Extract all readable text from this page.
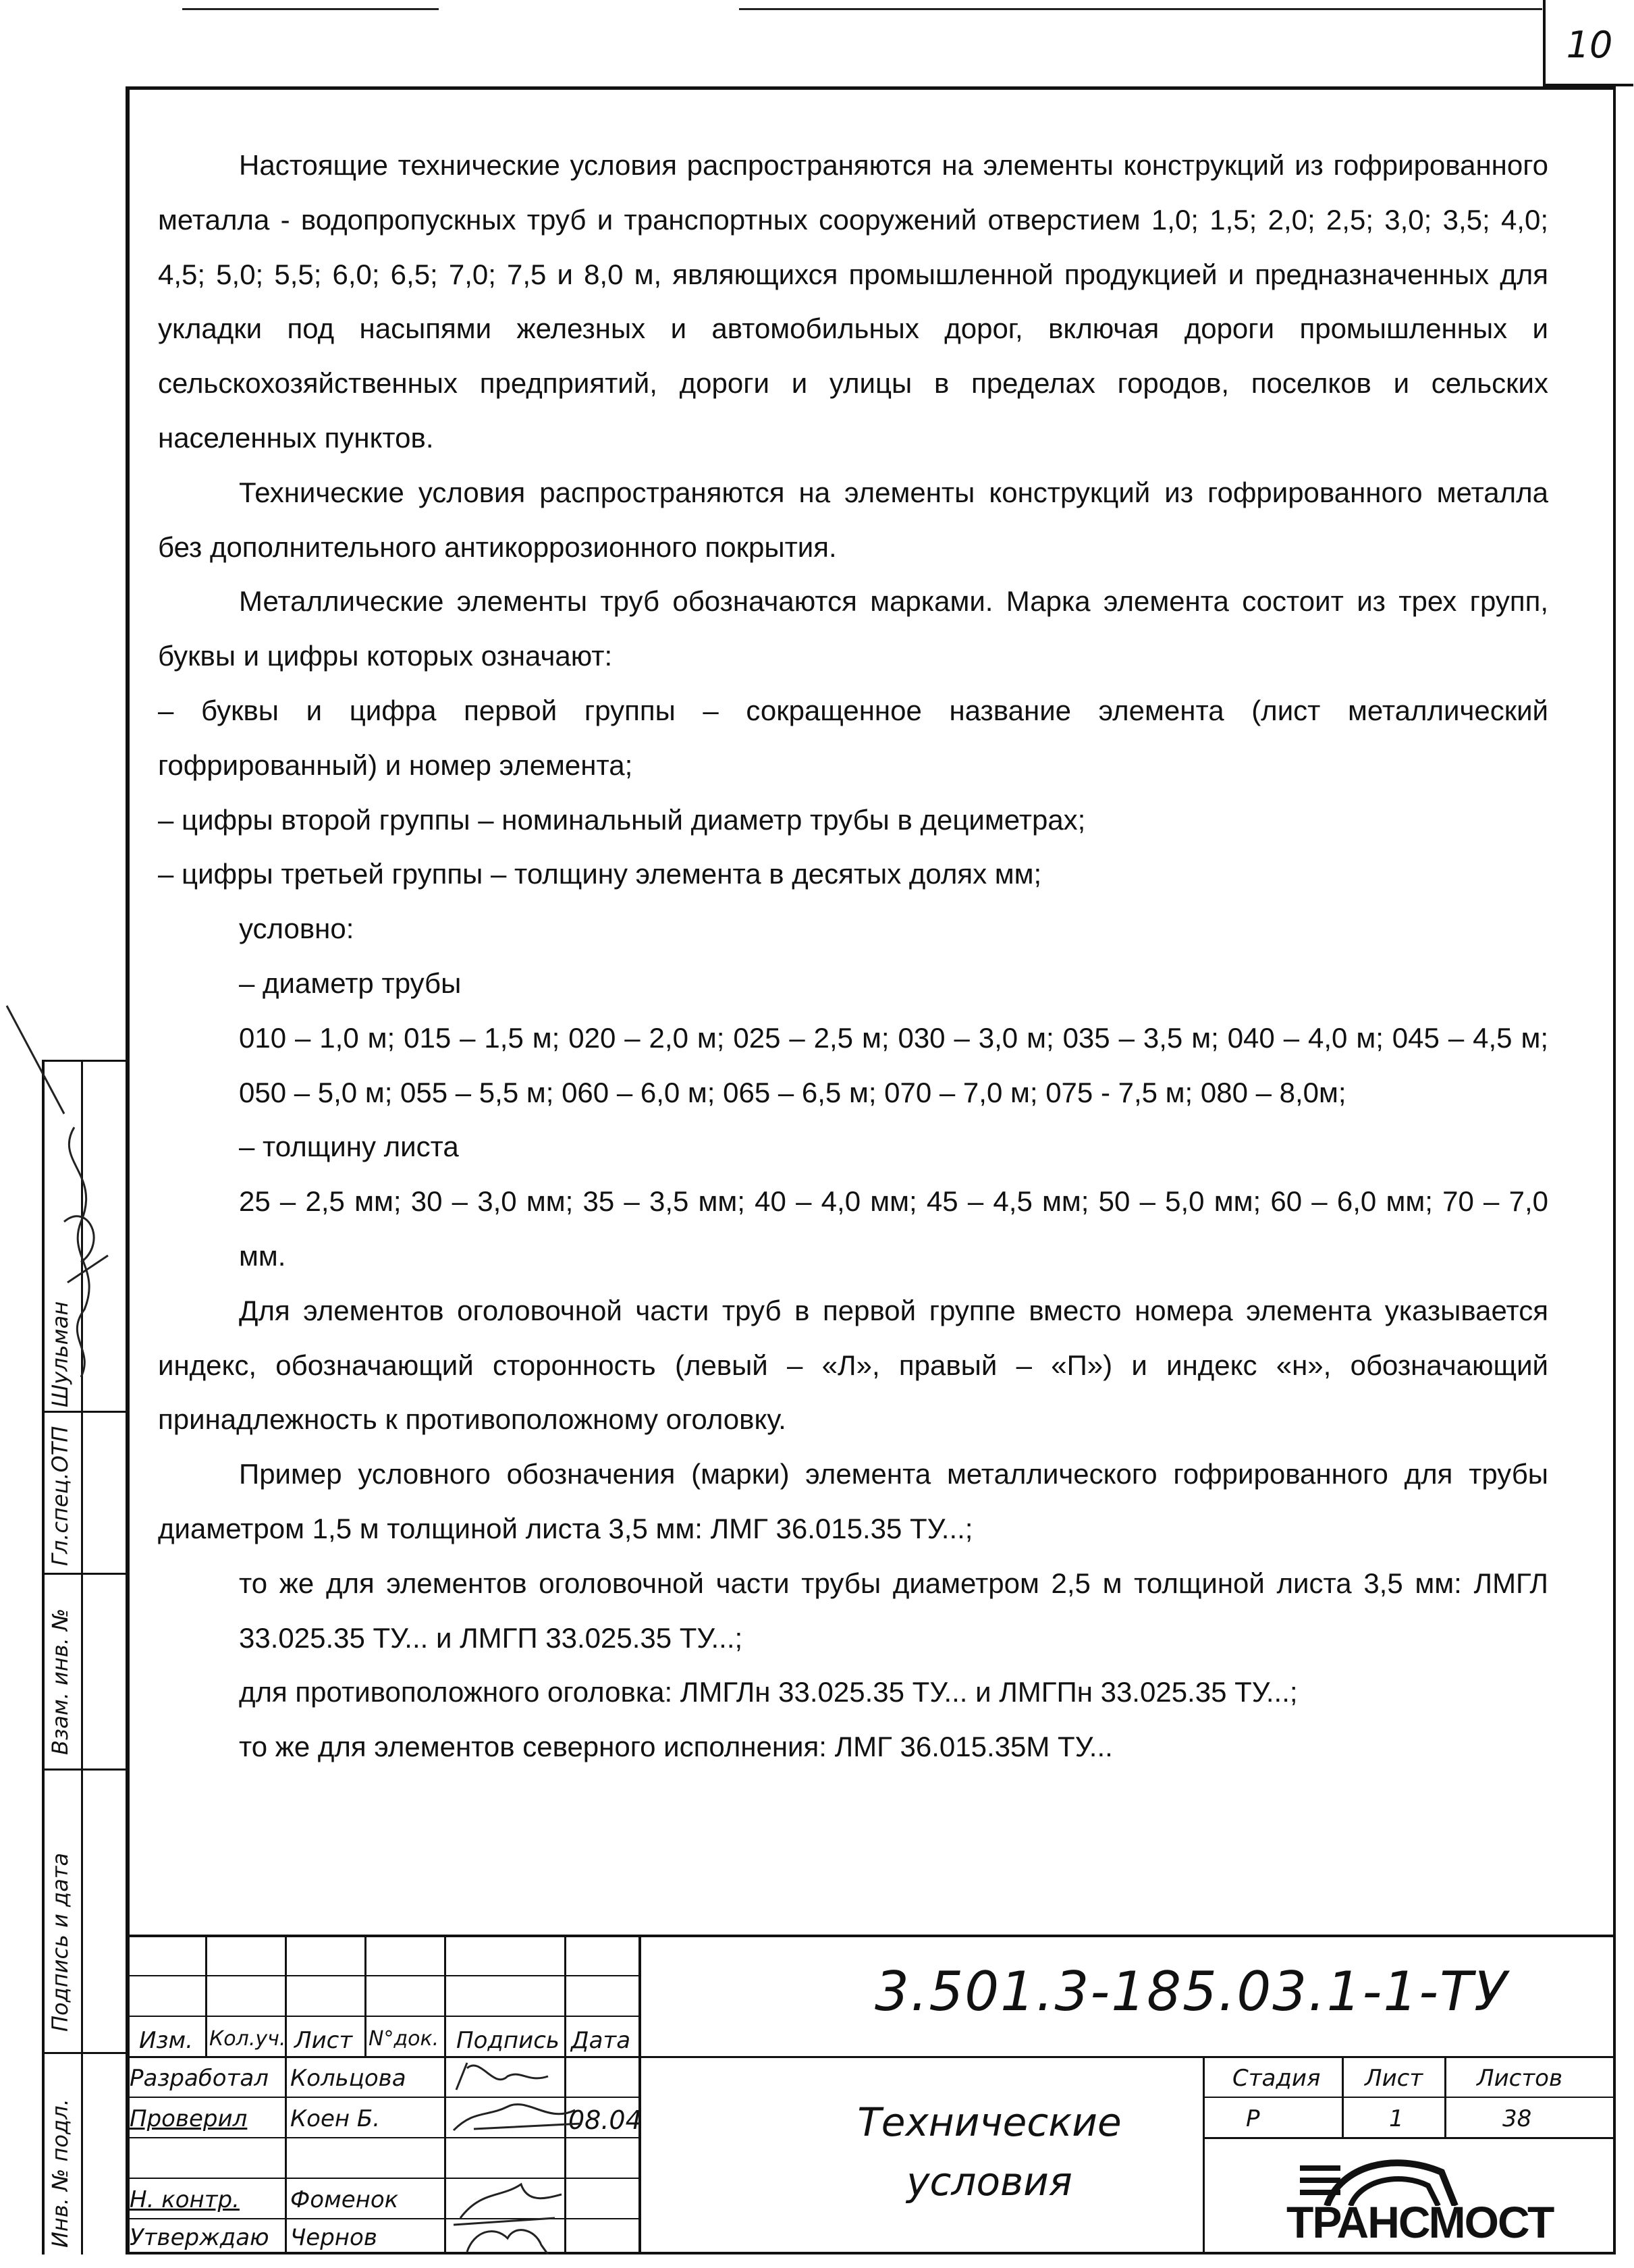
10

Настоящие технические условия распространяются на элементы конструкций из гофрированного металла - водопропускных труб и транспортных сооружений отверстием 1,0; 1,5; 2,0; 2,5; 3,0; 3,5; 4,0; 4,5; 5,0; 5,5; 6,0; 6,5; 7,0; 7,5 и 8,0 м, являющихся промышленной продукцией и предназначенных для укладки под насыпями железных и автомобильных дорог, включая дороги промышленных и сельскохозяйственных предприятий, дороги и улицы в пределах городов, поселков и сельских населенных пунктов.

Технические условия распространяются на элементы конструкций из гофрированного металла без дополнительного антикоррозионного покрытия.

Металлические элементы труб обозначаются марками. Марка элемента состоит из трех групп, буквы и цифры которых означают:

– буквы и цифра первой группы – сокращенное название элемента (лист металлический гофрированный) и номер элемента;

– цифры второй группы – номинальный диаметр трубы в дециметрах;

– цифры третьей группы – толщину элемента в десятых долях мм;

условно:

– диаметр трубы

010 – 1,0 м; 015 – 1,5 м; 020 – 2,0 м; 025 – 2,5 м; 030 – 3,0 м; 035 – 3,5 м; 040 – 4,0 м; 045 – 4,5 м; 050 – 5,0 м; 055 – 5,5 м; 060 – 6,0 м; 065 – 6,5 м; 070 – 7,0 м; 075 - 7,5 м; 080 – 8,0м;

– толщину листа

25 – 2,5 мм; 30 – 3,0 мм; 35 – 3,5 мм; 40 – 4,0 мм; 45 – 4,5 мм; 50 – 5,0 мм; 60 – 6,0 мм; 70 – 7,0 мм.

Для элементов оголовочной части труб в первой группе вместо номера элемента указывается индекс, обозначающий сторонность (левый – «Л», правый – «П») и индекс «н», обозначающий принадлежность к противоположному оголовку.

Пример условного обозначения (марки) элемента металлического гофрированного для трубы диаметром 1,5 м толщиной листа 3,5 мм: ЛМГ 36.015.35 ТУ...;

то же для элементов оголовочной части трубы диаметром 2,5 м толщиной листа 3,5 мм: ЛМГЛ 33.025.35 ТУ... и ЛМГП 33.025.35 ТУ...;

для противоположного оголовка: ЛМГЛн 33.025.35 ТУ... и ЛМГПн 33.025.35 ТУ...;

то же для элементов северного исполнения: ЛМГ 36.015.35М ТУ...

Гл.спец.ОТП
Шульман
Взам. инв. №
Подпись и дата
Инв. № подл.
Изм. Кол.уч. Лист N°док. Подпись Дата
Разработал Кольцова
Проверил Коен Б.	08.04
Н. контр. Фоменок
Утверждаю Чернов
3.501.3-185.03.1-1-ТУ
Технические
условия
Стадия Лист Листов
Р	1	38
ТРАНСМОСТ
